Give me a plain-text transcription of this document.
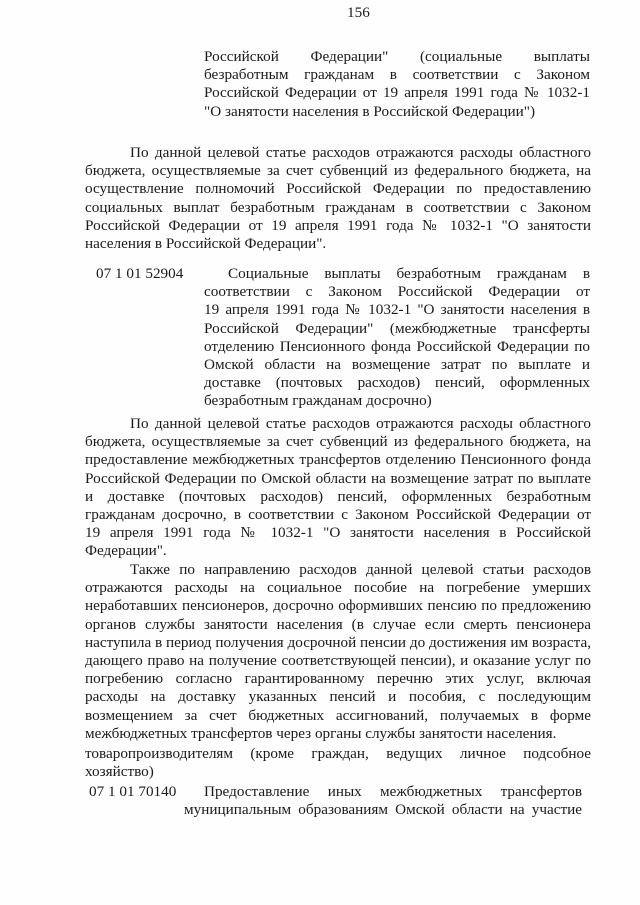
156
Российской Федерации" (социальные выплаты
безработным гражданам в соответствии с Законом
Российской Федерации от 19 апреля 1991 года № 1032-1
"О занятости населения в Российской Федерации")
По данной целевой статье расходов отражаются расходы областного
бюджета, осуществляемые за счет субвенций из федерального бюджета, на
осуществление полномочий Российской Федерации по предоставлению
социальных выплат безработным гражданам в соответствии с Законом
Российской Федерации от 19 апреля 1991 года № 1032-1 "О занятости
населения в Российской Федерации".
07 1 01 52904	Социальные выплаты безработным гражданам в
соответствии с Законом Российской Федерации от
19 апреля 1991 года № 1032-1 "О занятости населения в
Российской Федерации" (межбюджетные трансферты
отделению Пенсионного фонда Российской Федерации по
Омской области на возмещение затрат по выплате и
доставке (почтовых расходов) пенсий, оформленных
безработным гражданам досрочно)
По данной целевой статье расходов отражаются расходы областного
бюджета, осуществляемые за счет субвенций из федерального бюджета, на
предоставление межбюджетных трансфертов отделению Пенсионного фонда
Российской Федерации по Омской области на возмещение затрат по выплате
и доставке (почтовых расходов) пенсий, оформленных безработным
гражданам досрочно, в соответствии с Законом Российской Федерации от
19 апреля 1991 года № 1032-1 "О занятости населения в Российской
Федерации".
Также по направлению расходов данной целевой статьи расходов
отражаются расходы на социальное пособие на погребение умерших
неработавших пенсионеров, досрочно оформивших пенсию по предложению
органов службы занятости населения (в случае если смерть пенсионера
наступила в период получения досрочной пенсии до достижения им возраста,
дающего право на получение соответствующей пенсии), и оказание услуг по
погребению согласно гарантированному перечню этих услуг, включая
расходы на доставку указанных пенсий и пособия, с последующим
возмещением за счет бюджетных ассигнований, получаемых в форме
межбюджетных трансфертов через органы службы занятости населения.
товаропроизводителям (кроме граждан, ведущих личное подсобное
хозяйство)
07 1 01 70140 Предоставление иных межбюджетных трансфертов
муниципальным образованиям Омской области на участие
